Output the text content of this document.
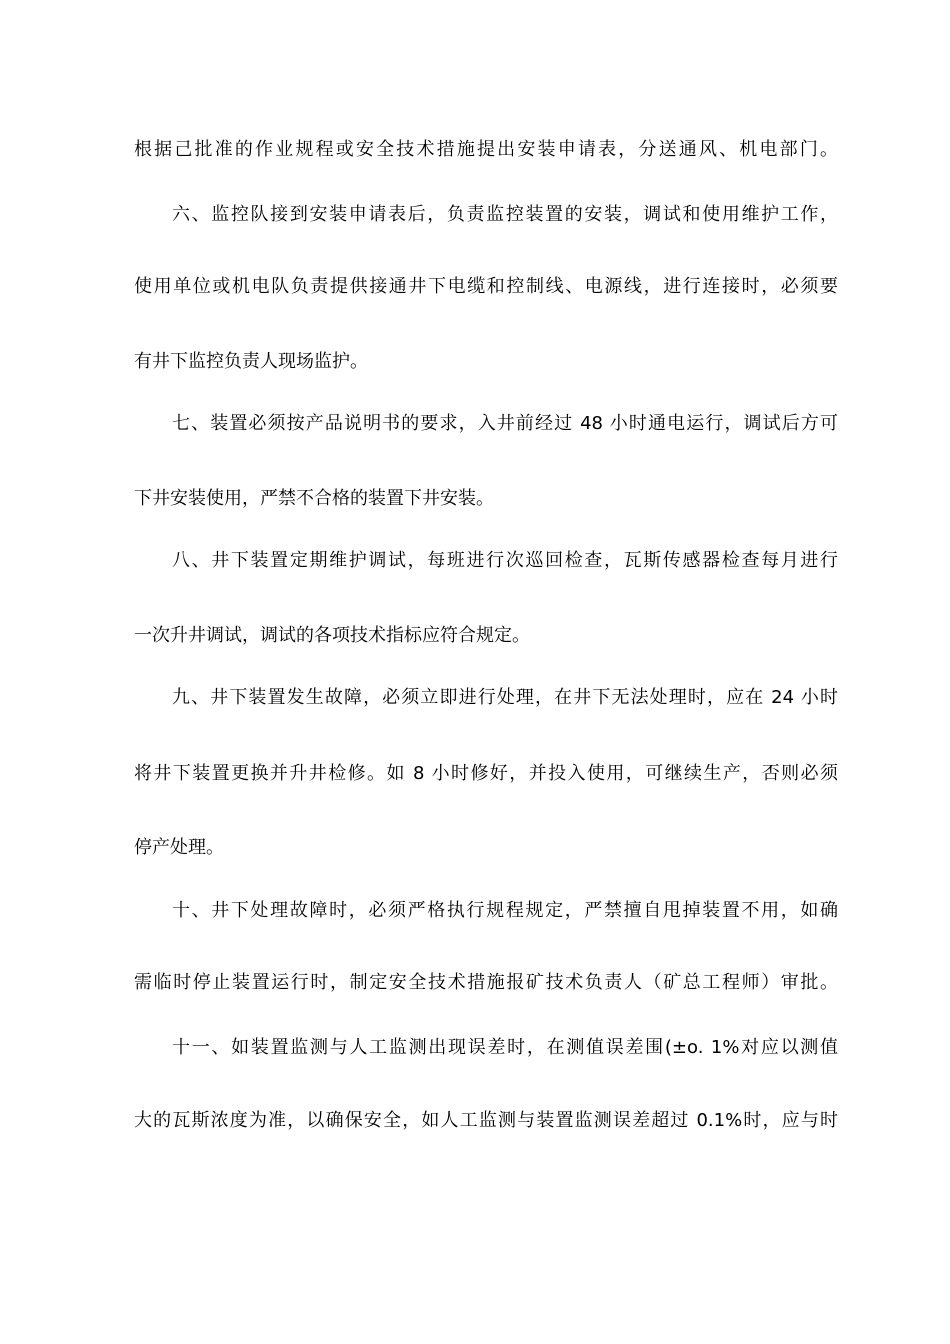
根据己批准的作业规程或安全技术措施提出安装申请表，分送通风、机电部门。
六、监控队接到安装申请表后，负责监控装置的安装，调试和使用维护工作，
使用单位或机电队负责提供接通井下电缆和控制线、电源线，进行连接时，必须要
有井下监控负责人现场监护。
七、装置必须按产品说明书的要求，入井前经过 48 小时通电运行，调试后方可
下井安装使用，严禁不合格的装置下井安装。
八、井下装置定期维护调试，每班进行次巡回检查，瓦斯传感器检查每月进行
一次升井调试，调试的各项技术指标应符合规定。
九、井下装置发生故障，必须立即进行处理，在井下无法处理时，应在 24 小时
将井下装置更换并升井检修。如 8 小时修好，并投入使用，可继续生产，否则必须
停产处理。
十、井下处理故障时，必须严格执行规程规定，严禁擅自甩掉装置不用，如确
需临时停止装置运行时，制定安全技术措施报矿技术负责人（矿总工程师）审批。
十一、如装置监测与人工监测出现误差时，在测值误差围(±o. 1%对应以测值
大的瓦斯浓度为准，以确保安全，如人工监测与装置监测误差超过 0.1%时，应与时
